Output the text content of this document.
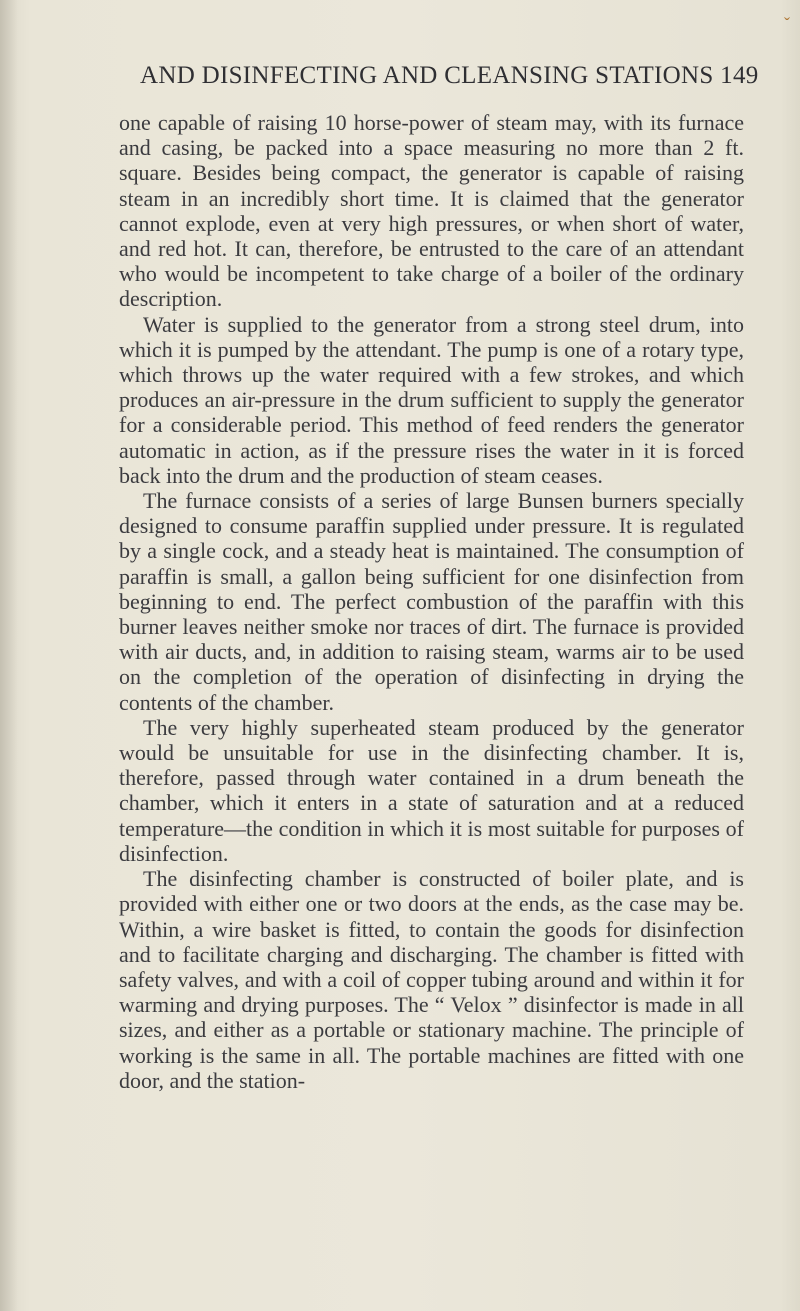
ˇ
AND DISINFECTING AND CLEANSING STATIONS 149

one capable of raising 10 horse-power of steam may, with its furnace and casing, be packed into a space measuring no more than 2 ft. square. Besides being compact, the generator is capable of raising steam in an incredibly short time. It is claimed that the generator cannot explode, even at very high pressures, or when short of water, and red hot. It can, therefore, be entrusted to the care of an attendant who would be incompetent to take charge of a boiler of the ordinary description.

Water is supplied to the generator from a strong steel drum, into which it is pumped by the attendant. The pump is one of a rotary type, which throws up the water required with a few strokes, and which produces an air-pressure in the drum sufficient to supply the generator for a considerable period. This method of feed renders the generator automatic in action, as if the pressure rises the water in it is forced back into the drum and the production of steam ceases.

The furnace consists of a series of large Bunsen burners specially designed to consume paraffin supplied under pressure. It is regulated by a single cock, and a steady heat is maintained. The consumption of paraffin is small, a gallon being sufficient for one disinfection from beginning to end. The perfect combustion of the paraffin with this burner leaves neither smoke nor traces of dirt. The furnace is provided with air ducts, and, in addition to raising steam, warms air to be used on the completion of the operation of disinfecting in drying the contents of the chamber.

The very highly superheated steam produced by the generator would be unsuitable for use in the disinfecting chamber. It is, therefore, passed through water contained in a drum beneath the chamber, which it enters in a state of saturation and at a reduced temperature—the condition in which it is most suitable for purposes of disinfection.

The disinfecting chamber is constructed of boiler plate, and is provided with either one or two doors at the ends, as the case may be. Within, a wire basket is fitted, to contain the goods for disinfection and to facilitate charging and discharging. The chamber is fitted with safety valves, and with a coil of copper tubing around and within it for warming and drying purposes. The “ Velox ” disinfector is made in all sizes, and either as a portable or stationary machine. The principle of working is the same in all. The portable machines are fitted with one door, and the station-
